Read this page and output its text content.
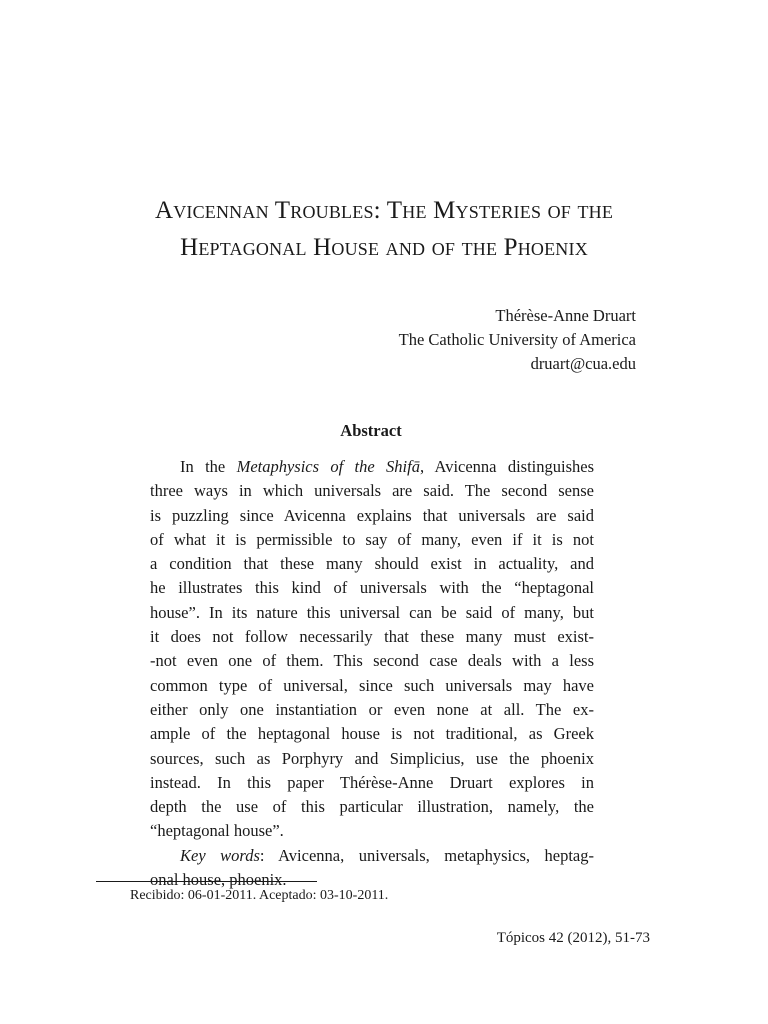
Avicennan Troubles: The Mysteries of the
Heptagonal House and of the Phoenix
Thérèse-Anne Druart
The Catholic University of America
druart@cua.edu
Abstract
In the Metaphysics of the Shifā, Avicenna distinguishes
three ways in which universals are said. The second sense
is puzzling since Avicenna explains that universals are said
of what it is permissible to say of many, even if it is not
a condition that these many should exist in actuality, and
he illustrates this kind of universals with the “heptagonal
house”. In its nature this universal can be said of many, but
it does not follow necessarily that these many must exist-
-not even one of them. This second case deals with a less
common type of universal, since such universals may have
either only one instantiation or even none at all. The ex-
ample of the heptagonal house is not traditional, as Greek
sources, such as Porphyry and Simplicius, use the phoenix
instead. In this paper Thérèse-Anne Druart explores in
depth the use of this particular illustration, namely, the
“heptagonal house”.
Key words: Avicenna, universals, metaphysics, heptag-
onal house, phoenix.
Recibido: 06-01-2011. Aceptado: 03-10-2011.
Tópicos 42 (2012), 51-73
